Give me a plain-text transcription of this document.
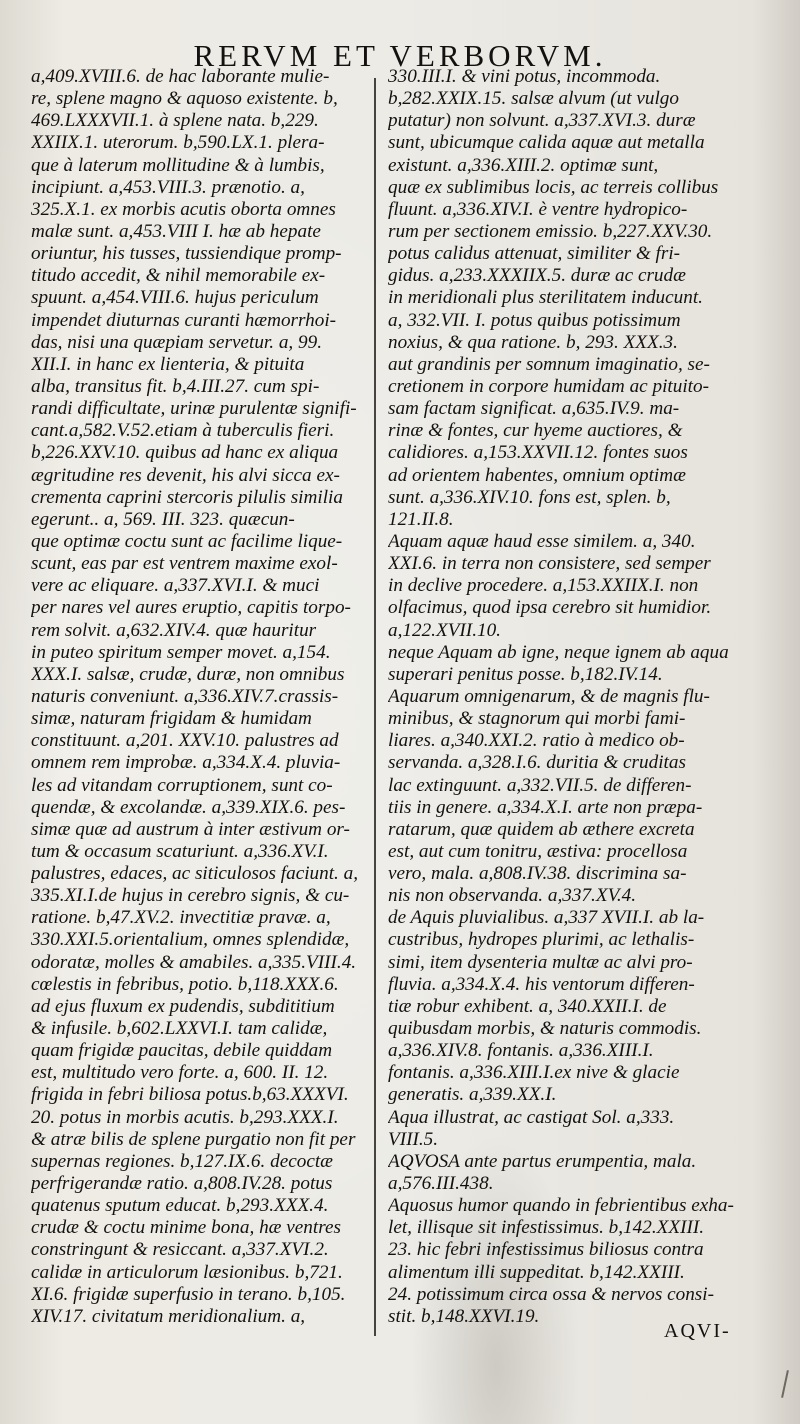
RERVM ET VERBORVM.
a,409.XVIII.6. de hac laborante mulie-
re, splene magno & aquoso existente. b,
469.LXXXVII.1. à splene nata. b,229.
XXIIX.1. uterorum. b,590.LX.1. plera-
que à laterum mollitudine & à lumbis,
incipiunt. a,453.VIII.3. prænotio. a,
325.X.1. ex morbis acutis oborta omnes
malæ sunt. a,453.VIII I. hæ ab hepate
oriuntur, his tusses, tussiendique promp-
titudo accedit, & nihil memorabile ex-
spuunt. a,454.VIII.6. hujus periculum
impendet diuturnas curanti hæmorrhoi-
das, nisi una quæpiam servetur. a, 99.
XII.I. in hanc ex lienteria, & pituita
alba, transitus fit. b,4.III.27. cum spi-
randi difficultate, urinæ purulentæ signifi-
cant.a,582.V.52.etiam à tuberculis fieri.
b,226.XXV.10. quibus ad hanc ex aliqua
ægritudine res devenit, his alvi sicca ex-
crementa caprini stercoris pilulis similia
egerunt.. a, 569. III. 323. quæcun-
que optimæ coctu sunt ac facilime lique-
scunt, eas par est ventrem maxime exol-
vere ac eliquare. a,337.XVI.I. & muci
per nares vel aures eruptio, capitis torpo-
rem solvit. a,632.XIV.4. quæ hauritur
in puteo spiritum semper movet. a,154.
XXX.I. salsæ, crudæ, duræ, non omnibus
naturis conveniunt. a,336.XIV.7.crassis-
simæ, naturam frigidam & humidam
constituunt. a,201. XXV.10. palustres ad
omnem rem improbæ. a,334.X.4. pluvia-
les ad vitandam corruptionem, sunt co-
quendæ, & excolandæ. a,339.XIX.6. pes-
simæ quæ ad austrum à inter æstivum or-
tum & occasum scaturiunt. a,336.XV.I.
palustres, edaces, ac siticulosos faciunt. a,
335.XI.I.de hujus in cerebro signis, & cu-
ratione. b,47.XV.2. invectitiæ pravæ. a,
330.XXI.5.orientalium, omnes splendidæ,
odoratæ, molles & amabiles. a,335.VIII.4.
cœlestis in febribus, potio. b,118.XXX.6.
ad ejus fluxum ex pudendis, subdititium
& infusile. b,602.LXXVI.I. tam calidæ,
quam frigidæ paucitas, debile quiddam
est, multitudo vero forte. a, 600. II. 12.
frigida in febri biliosa potus.b,63.XXXVI.
20. potus in morbis acutis. b,293.XXX.I.
& atræ bilis de splene purgatio non fit per
supernas regiones. b,127.IX.6. decoctæ
perfrigerandæ ratio. a,808.IV.28. potus
quatenus sputum educat. b,293.XXX.4.
crudæ & coctu minime bona, hæ ventres
constringunt & resiccant. a,337.XVI.2.
calidæ in articulorum læsionibus. b,721.
XI.6. frigidæ superfusio in terano. b,105.
XIV.17. civitatum meridionalium. a,
330.III.I. & vini potus, incommoda.
b,282.XXIX.15. salsæ alvum (ut vulgo
putatur) non solvunt. a,337.XVI.3. duræ
sunt, ubicumque calida aquæ aut metalla
existunt. a,336.XIII.2. optimæ sunt,
quæ ex sublimibus locis, ac terreis collibus
fluunt. a,336.XIV.I. è ventre hydropico-
rum per sectionem emissio. b,227.XXV.30.
potus calidus attenuat, similiter & fri-
gidus. a,233.XXXIIX.5. duræ ac crudæ
in meridionali plus sterilitatem inducunt.
a, 332.VII. I. potus quibus potissimum
noxius, & qua ratione. b, 293. XXX.3.
aut grandinis per somnum imaginatio, se-
cretionem in corpore humidam ac pituito-
sam factam significat. a,635.IV.9. ma-
rinæ & fontes, cur hyeme auctiores, &
calidiores. a,153.XXVII.12. fontes suos
ad orientem habentes, omnium optimæ
sunt. a,336.XIV.10. fons est, splen. b,
121.II.8.
Aquam aquæ haud esse similem. a, 340.
XXI.6. in terra non consistere, sed semper
in declive procedere. a,153.XXIIX.I. non
olfacimus, quod ipsa cerebro sit humidior.
a,122.XVII.10.
neque Aquam ab igne, neque ignem ab aqua
superari penitus posse. b,182.IV.14.
Aquarum omnigenarum, & de magnis flu-
minibus, & stagnorum qui morbi fami-
liares. a,340.XXI.2. ratio à medico ob-
servanda. a,328.I.6. duritia & cruditas
lac extinguunt. a,332.VII.5. de differen-
tiis in genere. a,334.X.I. arte non præpa-
ratarum, quæ quidem ab æthere excreta
est, aut cum tonitru, æstiva: procellosa
vero, mala. a,808.IV.38. discrimina sa-
nis non observanda. a,337.XV.4.
de Aquis pluvialibus. a,337 XVII.I. ab la-
custribus, hydropes plurimi, ac lethalis-
simi, item dysenteria multæ ac alvi pro-
fluvia. a,334.X.4. his ventorum differen-
tiæ robur exhibent. a, 340.XXII.I. de
quibusdam morbis, & naturis commodis.
a,336.XIV.8. fontanis. a,336.XIII.I.
fontanis. a,336.XIII.I.ex nive & glacie
generatis. a,339.XX.I.
Aqua illustrat, ac castigat Sol. a,333.
VIII.5.
AQVOSA ante partus erumpentia, mala.
a,576.III.438.
Aquosus humor quando in febrientibus exha-
let, illisque sit infestissimus. b,142.XXIII.
23. hic febri infestissimus biliosus contra
alimentum illi suppeditat. b,142.XXIII.
24. potissimum circa ossa & nervos consi-
stit. b,148.XXVI.19.
AQVI-
